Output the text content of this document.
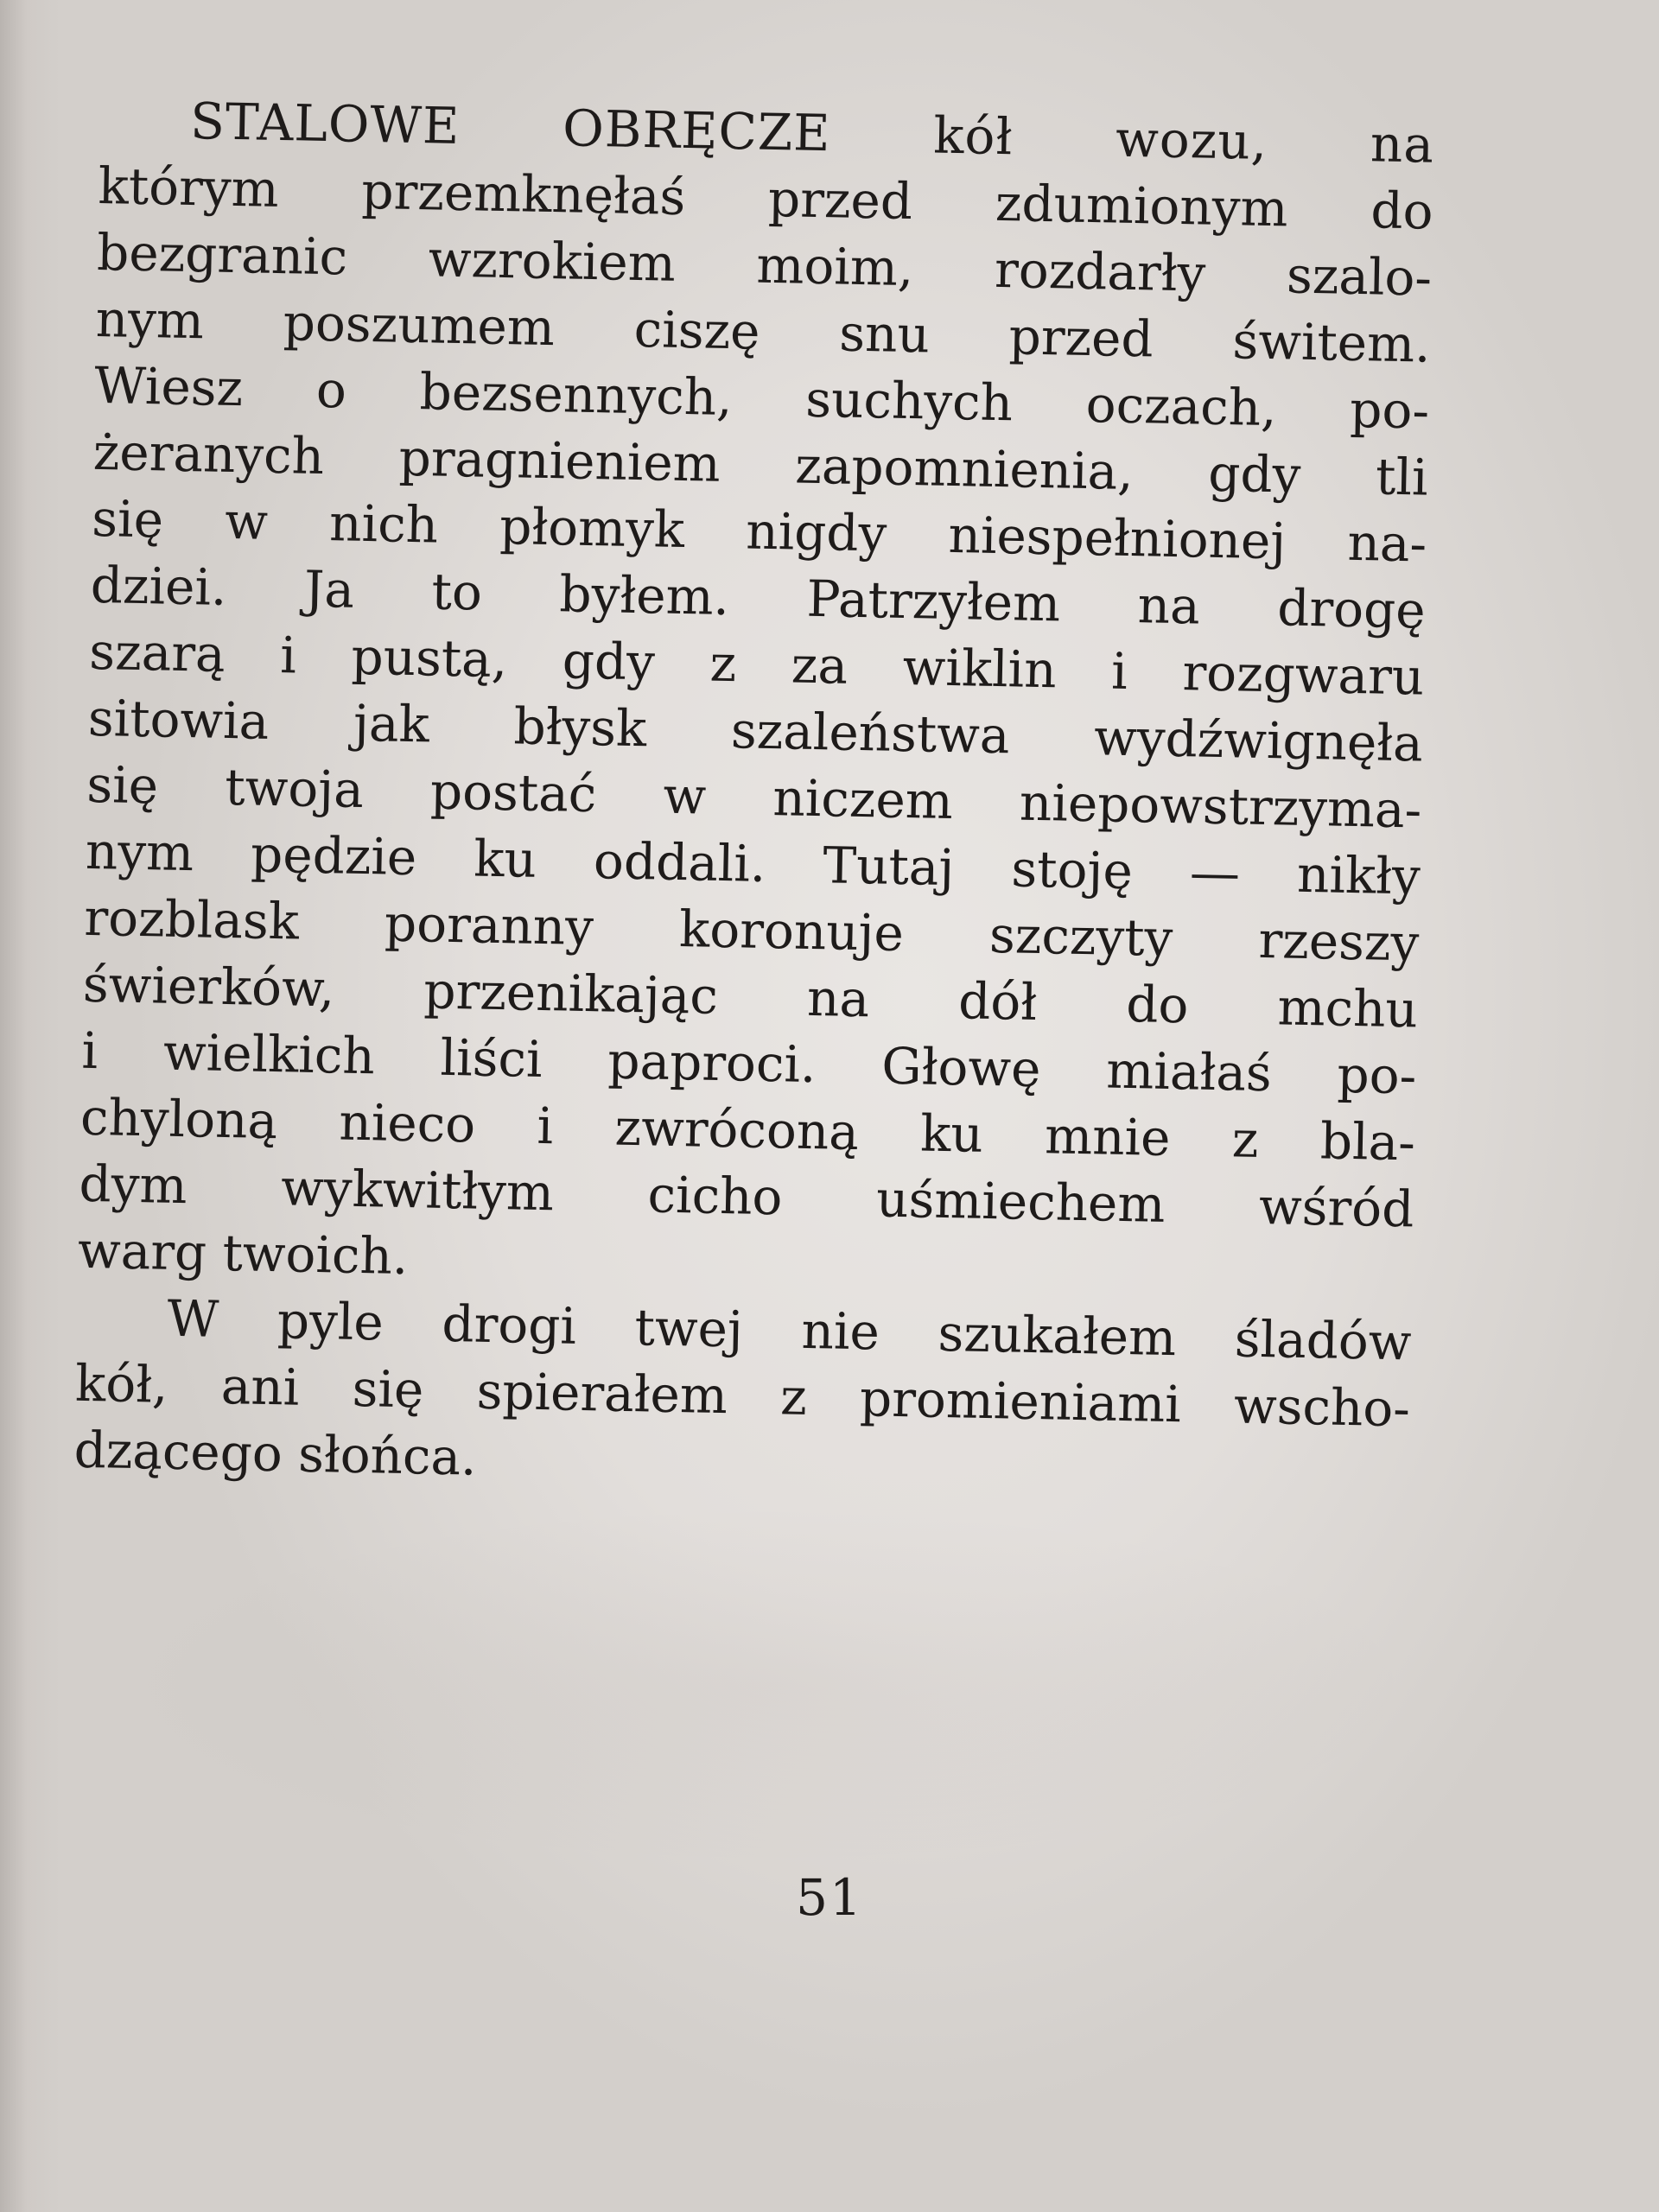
STALOWE OBRĘCZE kół wozu, na
którym przemknęłaś przed zdumionym do
bezgranic wzrokiem moim, rozdarły szalo-
nym poszumem ciszę snu przed świtem.
Wiesz o bezsennych, suchych oczach, po-
żeranych pragnieniem zapomnienia, gdy tli
się w nich płomyk nigdy niespełnionej na-
dziei. Ja to byłem. Patrzyłem na drogę
szarą i pustą, gdy z za wiklin i rozgwaru
sitowia jak błysk szaleństwa wydźwignęła
się twoja postać w niczem niepowstrzyma-
nym pędzie ku oddali. Tutaj stoję — nikły
rozblask poranny koronuje szczyty rzeszy
świerków, przenikając na dół do mchu
i wielkich liści paproci. Głowę miałaś po-
chyloną nieco i zwróconą ku mnie z bla-
dym wykwitłym cicho uśmiechem wśród
warg twoich.
W pyle drogi twej nie szukałem śladów
kół, ani się spierałem z promieniami wscho-
dzącego słońca.
51
